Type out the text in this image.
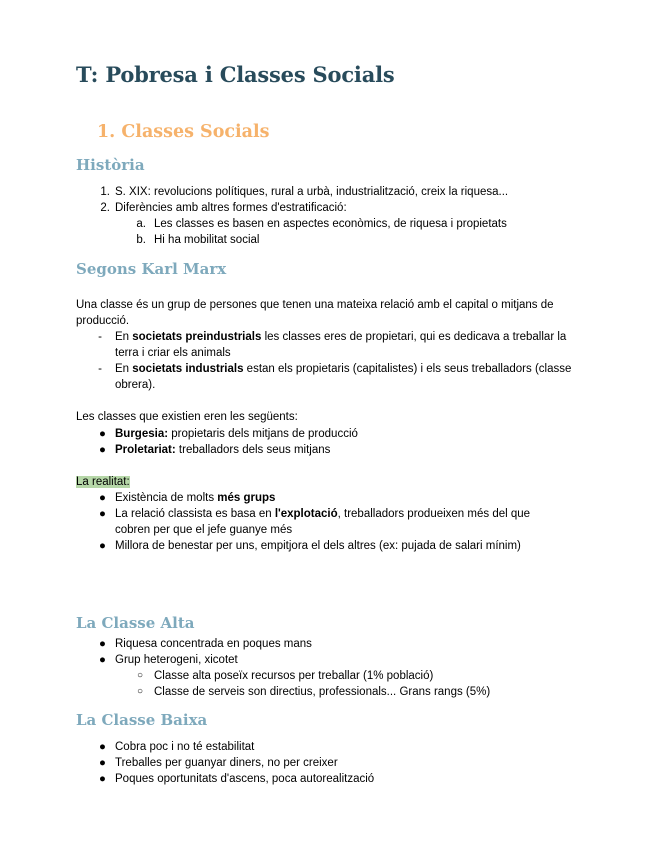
T: Pobresa i Classes Socials
1. Classes Socials
Història
1. S. XIX: revolucions polítiques, rural a urbà, industrialització, creix la riquesa...
2. Diferències amb altres formes d'estratificació:
a. Les classes es basen en aspectes econòmics, de riquesa i propietats
b. Hi ha mobilitat social
Segons Karl Marx

Una classe és un grup de persones que tenen una mateixa relació amb el capital o mitjans de producció.

- En societats preindustrials les classes eres de propietari, qui es dedicava a treballar la terra i criar els animals
- En societats industrials estan els propietaris (capitalistes) i els seus treballadors (classe obrera).

Les classes que existien eren les següents:

● Burgesia: propietaris dels mitjans de producció
● Proletariat: treballadors dels seus mitjans

La realitat:

● Existència de molts més grups
● La relació classista es basa en l'explotació, treballadors produeixen més del que cobren per que el jefe guanye més
● Millora de benestar per uns, empitjora el dels altres (ex: pujada de salari mínim)
La Classe Alta
● Riquesa concentrada en poques mans
● Grup heterogeni, xicotet
○ Classe alta poseïx recursos per treballar (1% població)
○ Classe de serveis son directius, professionals... Grans rangs (5%)
La Classe Baixa
● Cobra poc i no té estabilitat
● Treballes per guanyar diners, no per creixer
● Poques oportunitats d'ascens, poca autorealització
